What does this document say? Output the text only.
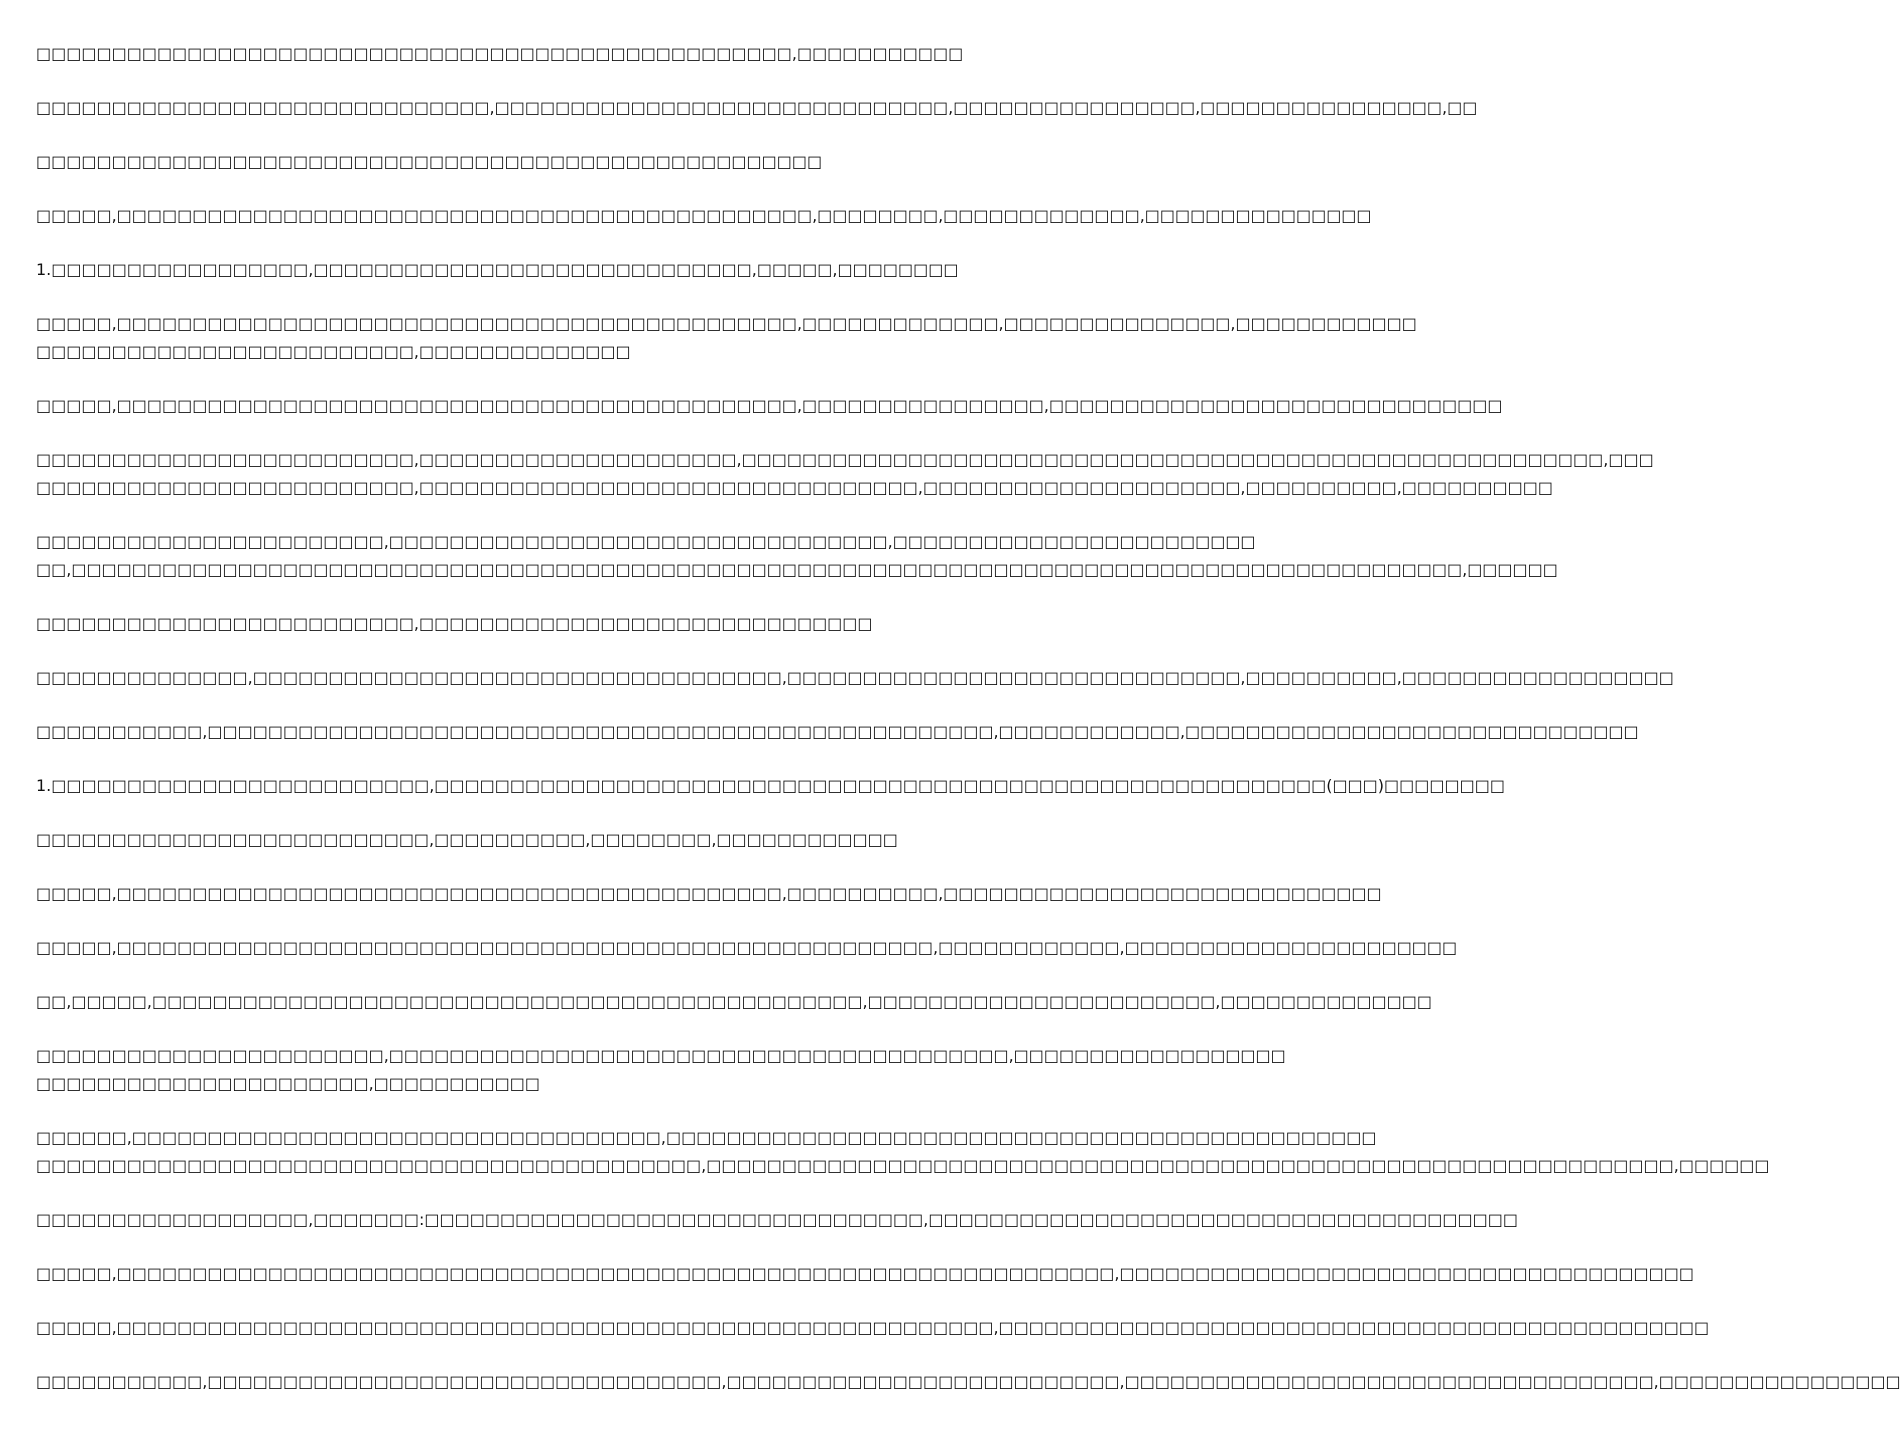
□□□□□□□□□□□□□□□□□□□□□□□□□□□□□□□□□□□□□□□□□□□□□□□□□□,□□□□□□□□□□□

□□□□□□□□□□□□□□□□□□□□□□□□□□□□□□,□□□□□□□□□□□□□□□□□□□□□□□□□□□□□□,□□□□□□□□□□□□□□□□,□□□□□□□□□□□□□□□□,□□

□□□□□□□□□□□□□□□□□□□□□□□□□□□□□□□□□□□□□□□□□□□□□□□□□□□□

□□□□□,□□□□□□□□□□□□□□□□□□□□□□□□□□□□□□□□□□□□□□□□□□□□□□,□□□□□□□□,□□□□□□□□□□□□□,□□□□□□□□□□□□□□□

1.□□□□□□□□□□□□□□□□□,□□□□□□□□□□□□□□□□□□□□□□□□□□□□□,□□□□□,□□□□□□□□

□□□□□,□□□□□□□□□□□□□□□□□□□□□□□□□□□□□□□□□□□□□□□□□□□□□,□□□□□□□□□□□□□,□□□□□□□□□□□□□□□,□□□□□□□□□□□□
□□□□□□□□□□□□□□□□□□□□□□□□□,□□□□□□□□□□□□□□

□□□□□,□□□□□□□□□□□□□□□□□□□□□□□□□□□□□□□□□□□□□□□□□□□□□,□□□□□□□□□□□□□□□□,□□□□□□□□□□□□□□□□□□□□□□□□□□□□□□

□□□□□□□□□□□□□□□□□□□□□□□□□,□□□□□□□□□□□□□□□□□□□□□,□□□□□□□□□□□□□□□□□□□□□□□□□□□□□□□□□□□□□□□□□□□□□□□□□□□□□□□□□,□□□
□□□□□□□□□□□□□□□□□□□□□□□□□,□□□□□□□□□□□□□□□□□□□□□□□□□□□□□□□□□,□□□□□□□□□□□□□□□□□□□□□,□□□□□□□□□□,□□□□□□□□□□

□□□□□□□□□□□□□□□□□□□□□□□,□□□□□□□□□□□□□□□□□□□□□□□□□□□□□□□□□,□□□□□□□□□□□□□□□□□□□□□□□□
□□,□□□□□□□□□□□□□□□□□□□□□□□□□□□□□□□□□□□□□□□□□□□□□□□□□□□□□□□□□□□□□□□□□□□□□□□□□□□□□□□□□□□□□□□□□□□□,□□□□□□

□□□□□□□□□□□□□□□□□□□□□□□□□,□□□□□□□□□□□□□□□□□□□□□□□□□□□□□□

□□□□□□□□□□□□□□,□□□□□□□□□□□□□□□□□□□□□□□□□□□□□□□□□□□,□□□□□□□□□□□□□□□□□□□□□□□□□□□□□□,□□□□□□□□□□,□□□□□□□□□□□□□□□□□□

□□□□□□□□□□□,□□□□□□□□□□□□□□□□□□□□□□□□□□□□□□□□□□□□□□□□□□□□□□□□□□□□,□□□□□□□□□□□□,□□□□□□□□□□□□□□□□□□□□□□□□□□□□□□

1.□□□□□□□□□□□□□□□□□□□□□□□□□,□□□□□□□□□□□□□□□□□□□□□□□□□□□□□□□□□□□□□□□□□□□□□□□□□□□□□□□□□□□(□□□)□□□□□□□□

□□□□□□□□□□□□□□□□□□□□□□□□□□,□□□□□□□□□□,□□□□□□□□,□□□□□□□□□□□□

□□□□□,□□□□□□□□□□□□□□□□□□□□□□□□□□□□□□□□□□□□□□□□□□□□,□□□□□□□□□□,□□□□□□□□□□□□□□□□□□□□□□□□□□□□□

□□□□□,□□□□□□□□□□□□□□□□□□□□□□□□□□□□□□□□□□□□□□□□□□□□□□□□□□□□□□,□□□□□□□□□□□□,□□□□□□□□□□□□□□□□□□□□□□

□□,□□□□□,□□□□□□□□□□□□□□□□□□□□□□□□□□□□□□□□□□□□□□□□□□□□□□□,□□□□□□□□□□□□□□□□□□□□□□□,□□□□□□□□□□□□□□

□□□□□□□□□□□□□□□□□□□□□□□,□□□□□□□□□□□□□□□□□□□□□□□□□□□□□□□□□□□□□□□□□,□□□□□□□□□□□□□□□□□□
□□□□□□□□□□□□□□□□□□□□□□,□□□□□□□□□□□

□□□□□□,□□□□□□□□□□□□□□□□□□□□□□□□□□□□□□□□□□□,□□□□□□□□□□□□□□□□□□□□□□□□□□□□□□□□□□□□□□□□□□□□□□□
□□□□□□□□□□□□□□□□□□□□□□□□□□□□□□□□□□□□□□□□□□□□,□□□□□□□□□□□□□□□□□□□□□□□□□□□□□□□□□□□□□□□□□□□□□□□□□□□□□□□□□□□□□□□□,□□□□□□

□□□□□□□□□□□□□□□□□□,□□□□□□□:□□□□□□□□□□□□□□□□□□□□□□□□□□□□□□□□□,□□□□□□□□□□□□□□□□□□□□□□□□□□□□□□□□□□□□□□□

□□□□□,□□□□□□□□□□□□□□□□□□□□□□□□□□□□□□□□□□□□□□□□□□□□□□□□□□□□□□□□□□□□□□□□□□,□□□□□□□□□□□□□□□□□□□□□□□□□□□□□□□□□□□□□□

□□□□□,□□□□□□□□□□□□□□□□□□□□□□□□□□□□□□□□□□□□□□□□□□□□□□□□□□□□□□□□□□,□□□□□□□□□□□□□□□□□□□□□□□□□□□□□□□□□□□□□□□□□□□□□□□

□□□□□□□□□□□,□□□□□□□□□□□□□□□□□□□□□□□□□□□□□□□□□□,□□□□□□□□□□□□□□□□□□□□□□□□□□,□□□□□□□□□□□□□□□□□□□□□□□□□□□□□□□□□□□,□□□□□□□□□□□□□□□□
